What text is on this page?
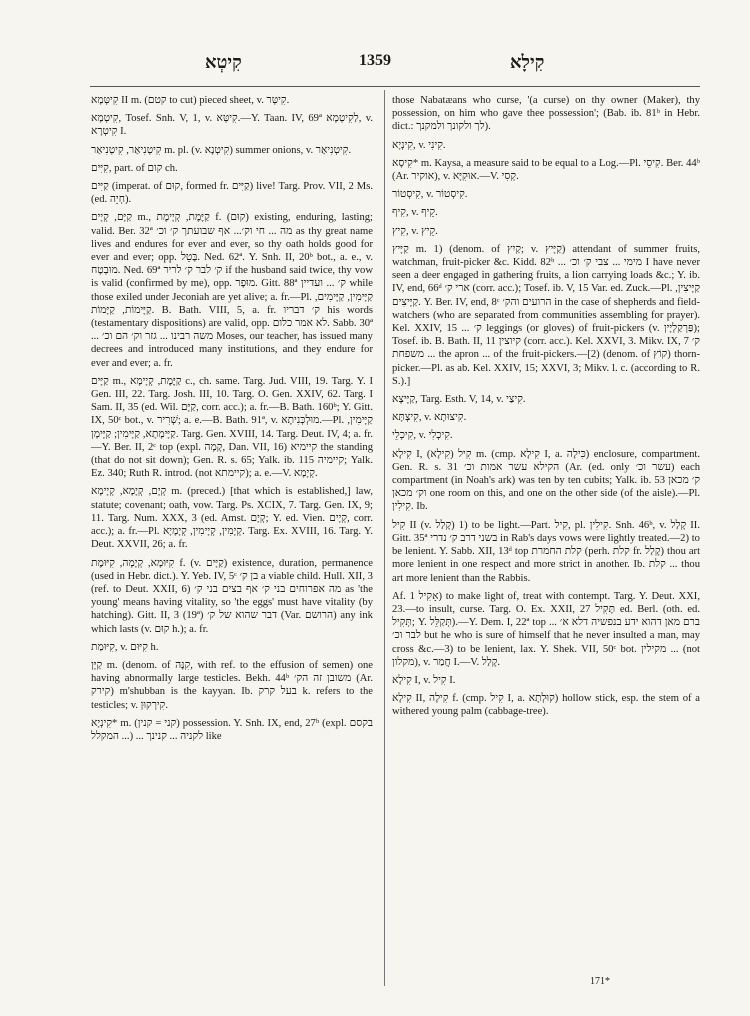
קִיטְא	1359	קִילָא

קִיטְּמָא II m. (קטם to cut) pieced sheet, v. קִיטְּר.

קִיטְמָא, Tosef. Snh. V, 1, v. קִיטְּא.—Y. Taan. IV, 69ª לַקִיטְמָא, v. קִיטְרָא I.

קִיטְנִיאַר, קִיטְנִיאַר m. pl. (v. קִיטְנָא) summer onions, v. קִיטְנִיאַר.

קִיִּים, part. of קום ch.

קַיִּים (imperat. of קוּם, formed fr. קַיִּים) live! Targ. Prov. VII, 2 Ms. (ed. חְיֵה).

קַיָּם, קְיָים m., קַיֶּמֶת, קְיָימֶת f. (קוּם) existing, enduring, lasting; valid. Ber. 32ª מה ... חי וק׳... אף שבועתך ק׳ וכ׳ as thy great name lives and endures for ever and ever, so thy oath holds good for ever and ever; opp. בָּטֵל. Ned. 62ª. Y. Snh. II, 20ᵇ bot., a. e., v. מוּבְטָח. Ned. 69ª ק׳ לבר ק׳ לריר if the husband said twice, thy vow is valid (confirmed by me), opp. מוּפָר. Gitt. 88ª ק׳ ... ועדיין while those exiled under Jeconiah are yet alive; a. fr.—Pl. קַיָּימִין, קַיָּימִים, קַיָּימוֹת, קַיָּמוֹת. B. Bath. VIII, 5, a. fr. ק׳ דבריו his words (testamentary dispositions) are valid, opp. לא אמר כלום. Sabb. 30ª ... משה רבינו ... גזר וק׳ הם וכ׳ Moses, our teacher, has issued many decrees and introduced many institutions, and they endure for ever and ever; a. fr.

קַיָּים m., קַיֶּמֶת, קְיָימָא c., ch. same. Targ. Jud. VIII, 19. Targ. Y. I Gen. III, 22. Targ. Josh. III, 10. Targ. O. Gen. XXIV, 62. Targ. I Sam. II, 35 (ed. Wil. קַיָּם, corr. acc.); a. fr.—B. Bath. 160ᵇ; Y. Gitt. IX, 50ᶜ bot., v. שְׁרִיר; a. e.—B. Bath. 91ª, v. מוּלְכְּנִיתָא.—Pl. קַיָּימִין, קַיָּימָתָא, קַיָּימִין; קַיָּימָן. Targ. Gen. XVIII, 14. Targ. Deut. IV, 4; a. fr.—Y. Ber. II, 2ᶜ top (expl. קָמָה, Dan. VII, 16) קיימיא the standing (that do not sit down); Gen. R. s. 65; Yalk. ib. 115 קיימיה; Yalk. Ez. 340; Ruth R. introd. (not קיימתא); a. e.—V. קְיָמָא.

קְיָם, קְיָמָא, קְיָימָא m. (preced.) [that which is established,] law, statute; covenant; oath, vow. Targ. Ps. XCIX, 7. Targ. Gen. IX, 9; 11. Targ. Num. XXX, 3 (ed. Amst. קְיָם; Y. ed. Vien. קְיָים, corr. acc.); a. fr.—Pl. קְיָמִין, קְיָימִין, קְיָמָיָא. Targ. Ex. XVIII, 16. Targ. Y. Deut. XXVII, 26; a. fr.

קִיּוּמָא, קְיָמָה, קִיּוּמֶת f. (v. קַיָּים) existence, duration, permanence (used in Hebr. dict.). Y. Yeb. IV, 5ᶜ בן ק׳ a viable child. Hull. XII, 3 (ref. to Deut. XXII, 6) מה אפרוחים בני ק׳ אף בצים בני ק׳ as 'the young' means having vitality, so 'the eggs' must have vitality (by hatching). Gitt. II, 3 (19ª) דבר שהוא של ק׳ (Var. הרושם) any ink which lasts (v. קוּם h.); a. fr.

קִיּוּמַת, v. קִיּוּם h.

קַיָּן m. (denom. of קִנָּה, with ref. to the effusion of semen) one having abnormally large testicles. Bekh. 44ᵇ משובן זה הק׳ (Ar. קירק) m'shubban is the kayyan. Ib. בעל קרק k. refers to the testicles; v. קִירְקוּן.

קִינְיָא* m. (קני = קנין) possession. Y. Snh. IX, end, 27ᵇ (expl. בקסם ... המקלל) ... לקניה ... קנינך like

those Nabatæans who curse, '(a curse) on thy owner (Maker), thy possession, on him who gave thee possession'; (Bab. ib. 81ᵇ in Hebr. dict.: לך ולקונך ולמקנך).

קִינְיָא, v. קִינִי.

קִיסָא* m. Kaysa, a measure said to be equal to a Log.—Pl. קִיסֵי. Ber. 44ᵇ (Ar. אוקיר), v. אוּקִיָּא.—V. קְסִי.

קִיסְטוֹר, v. קִיסְטוֹר.

קִיף, v. קֵיף.

קִיץ, v. קֵיץ.

קַיָּיץ m. 1) (denom. of קַיִץ; v. קַיָּיץ) attendant of summer fruits, watchman, fruit-picker &c. Kidd. 82ᵇ ... מימי ... צבי ק׳ וכ׳ I have never seen a deer engaged in gathering fruits, a lion carrying loads &c.; Y. ib. IV, end, 66ᵈ ארי ק׳ (corr. acc.); Tosef. ib. V, 15 Var. ed. Zuck.—Pl. קַיָּיצִין, קַיָּיצִים. Y. Ber. IV, end, 8ᶜ הרועים והק׳ in the case of shepherds and field-watchers (who are separated from communities assembling for prayer). Kel. XXIV, 15 ... ק׳ leggings (or gloves) of fruit-pickers (v. פַּרְקַלְיָין); Tosef. ib. B. Bath. II, 11 קיוצין (corr. acc.). Kel. XXVI, 3. Mikv. IX, 7 ק׳ משפחת ... the apron ... of the fruit-pickers.—[2) (denom. of קוֹץ) thorn-picker.—Pl. as ab. Kel. XXIV, 15; XXVI, 3; Mikv. l. c. (according to R. S.).]

קַיָּיצָא, Targ. Esth. V, 14, v. קִיצַי.

קִיצְתָּא, v. קִיצוּתָא.

קִיכְלֵי, v. קִיכְלִי.

קִילָא I, קִיל (קִילָא) m. (cmp. קִילָא I, a. כִּילָה) enclosure, compartment. Gen. R. s. 31 הקילא עשר אמות וכ׳ (Ar. (ed. only עשר וכ׳) each compartment (in Noah's ark) was ten by ten cubits; Yalk. ib. 53 ק׳ מכאן וק׳ מכאן one room on this, and one on the other side (of the aisle).—Pl. קִילִין. Ib.

קִיל II (v. קָלַל) 1) to be light.—Part. קִיל, pl. קִילִין. Snh. 46ᵇ, v. קָלַל II. Gitt. 35ª בשני דרב ק׳ נדרי in Rab's days vows were lightly treated.—2) to be lenient. Y. Sabb. XII, 13ᵈ top קלת החמרת (perh. קלת fr. קָלַל) thou art more lenient in one respect and more strict in another. Ib. קלת ... thou art more lenient than the Rabbis.

Af. אָקִיל 1) to make light of, treat with contempt. Targ. Y. Deut. XXI, 23.—to insult, curse. Targ. O. Ex. XXII, 27 תָּקִיל ed. Berl. (oth. ed. תְּקִיל; Y. תְּקַלֵּל).—Y. Dem. I, 22ª top ... ברם מאן דהוא ידע בנפשיה דלא א׳ לבר וכ׳ but he who is sure of himself that he never insulted a man, may cross &c.—3) to be lenient, lax. Y. Shek. VII, 50ᶜ bot. מקילין ... (not מקלון), v. חֲמַר I.—V. קָלַל.

קִילָא I, v. קִיל I.

קִילָא II, קִילָה f. (cmp. קִיל I, a. קוּלְתָא) hollow stick, esp. the stem of a withered young palm (cabbage-tree).

171*
